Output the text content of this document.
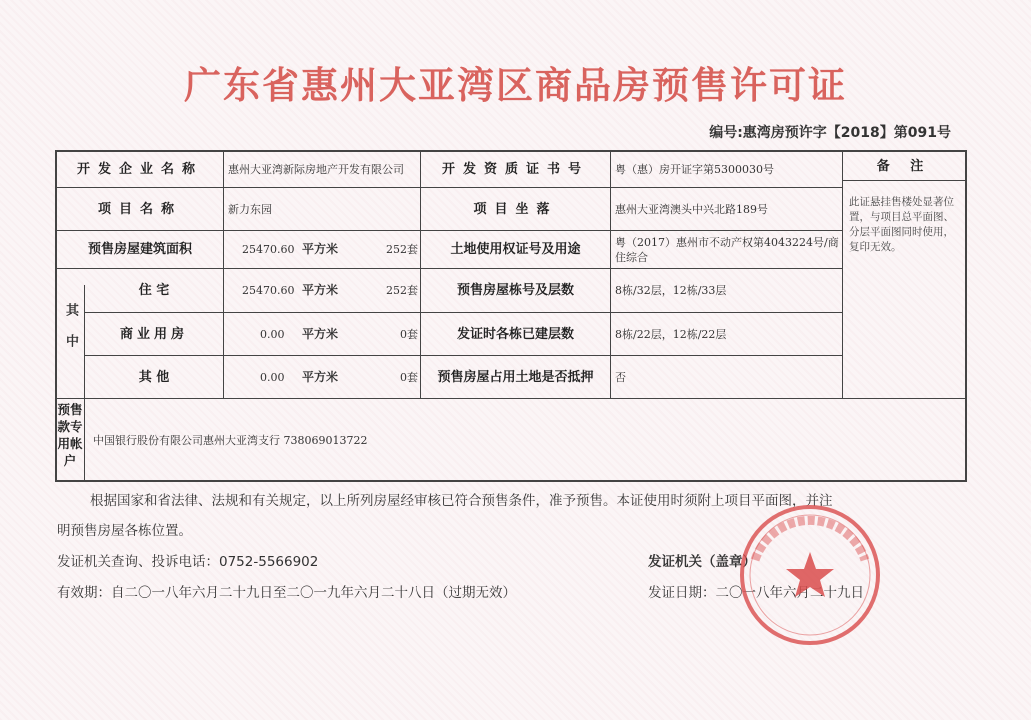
广东省惠州大亚湾区商品房预售许可证
编号:惠湾房预许字【2018】第091号
开发企业名称	惠州大亚湾新际房地产开发有限公司	开发资质证书号	粤（惠）房开证字第5300030号	备 注
此证悬挂售楼处显著位置，与项目总平面图、分层平面图同时使用，复印无效。
项目名称	新力东园	项目坐落	惠州大亚湾澳头中兴北路189号
预售房屋建筑面积	25470.60 平方米	252套	土地使用权证号及用途	粤（2017）惠州市不动产权第4043224号/商住综合
其中
住 宅	25470.60 平方米	252套	预售房屋栋号及层数	8栋/32层，12栋/33层
商业用房	0.00 平方米	0套	发证时各栋已建层数	8栋/22层，12栋/22层
其 他	0.00 平方米	0套	预售房屋占用土地是否抵押	否
预售款专用帐户
中国银行股份有限公司惠州大亚湾支行 738069013722
根据国家和省法律、法规和有关规定，以上所列房屋经审核已符合预售条件，准予预售。本证使用时须附上项目平面图，并注
明预售房屋各栋位置。
发证机关查询、投诉电话：0752-5566902	发证机关（盖章）
有效期：自二〇一八年六月二十九日至二〇一九年六月二十八日（过期无效）	发证日期：二〇一八年六月二十九日
